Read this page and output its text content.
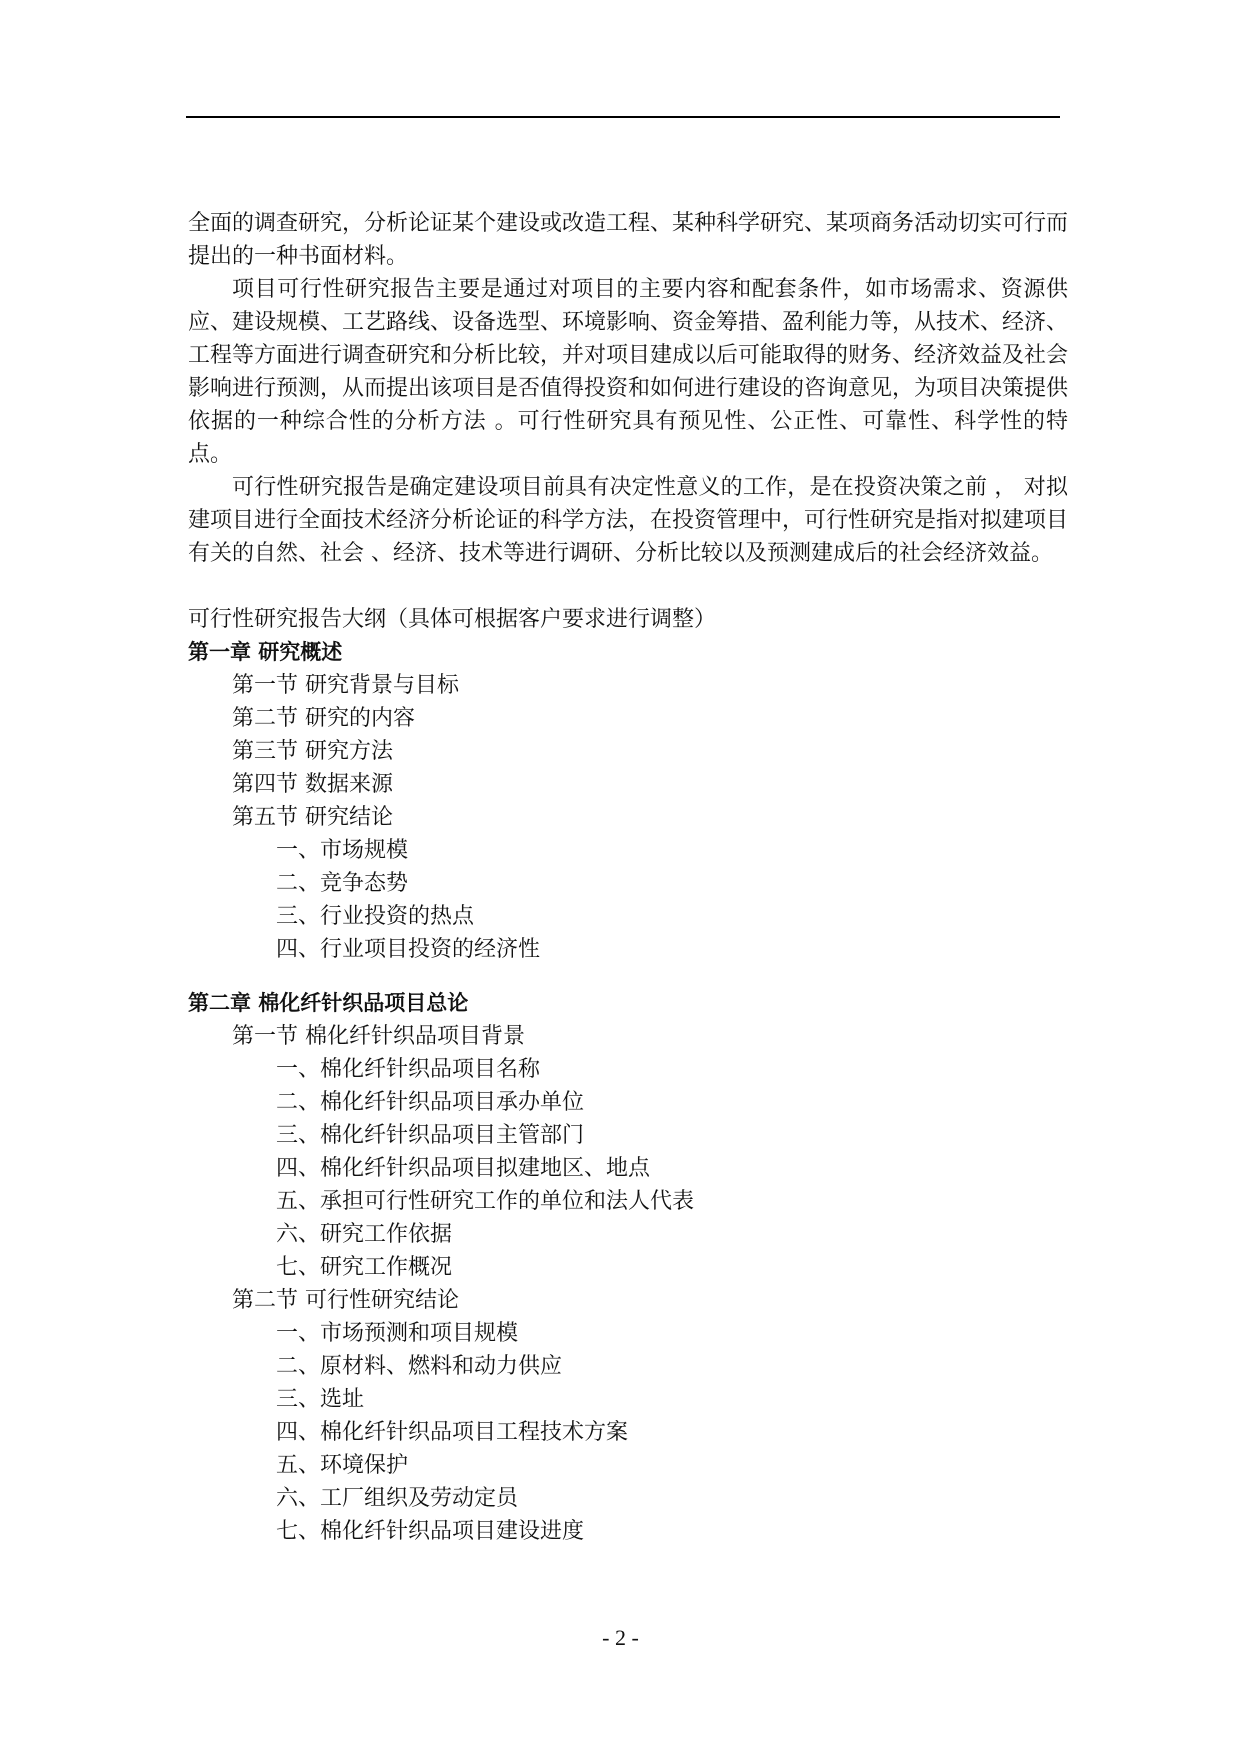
全面的调查研究，分析论证某个建设或改造工程、某种科学研究、某项商务活动切实可行而提出的一种书面材料。

项目可行性研究报告主要是通过对项目的主要内容和配套条件，如市场需求、资源供应、建设规模、工艺路线、设备选型、环境影响、资金筹措、盈利能力等，从技术、经济、工程等方面进行调查研究和分析比较，并对项目建成以后可能取得的财务、经济效益及社会影响进行预测，从而提出该项目是否值得投资和如何进行建设的咨询意见，为项目决策提供依据的一种综合性的分析方法 。可行性研究具有预见性、公正性、可靠性、科学性的特点。

可行性研究报告是确定建设项目前具有决定性意义的工作，是在投资决策之前 ， 对拟建项目进行全面技术经济分析论证的科学方法，在投资管理中，可行性研究是指对拟建项目有关的自然、社会 、经济、技术等进行调研、分析比较以及预测建成后的社会经济效益。

可行性研究报告大纲（具体可根据客户要求进行调整）

第一章 研究概述

第一节 研究背景与目标

第二节 研究的内容

第三节 研究方法

第四节 数据来源

第五节 研究结论

一、市场规模

二、竞争态势

三、行业投资的热点

四、行业项目投资的经济性

第二章 棉化纤针织品项目总论

第一节 棉化纤针织品项目背景

一、棉化纤针织品项目名称

二、棉化纤针织品项目承办单位

三、棉化纤针织品项目主管部门

四、棉化纤针织品项目拟建地区、地点

五、承担可行性研究工作的单位和法人代表

六、研究工作依据

七、研究工作概况

第二节 可行性研究结论

一、市场预测和项目规模

二、原材料、燃料和动力供应

三、选址

四、棉化纤针织品项目工程技术方案

五、环境保护

六、工厂组织及劳动定员

七、棉化纤针织品项目建设进度

- 2 -
